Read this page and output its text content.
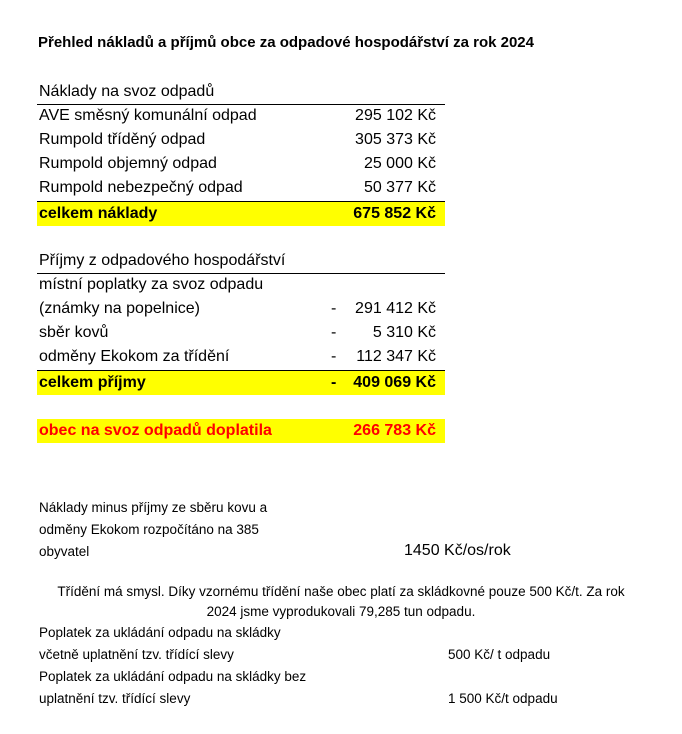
Přehled nákladů a příjmů obce za odpadové hospodářství za rok 2024
Náklady na svoz odpadů
AVE směsný komunální odpad	295 102 Kč
Rumpold tříděný odpad	305 373 Kč
Rumpold objemný odpad	25 000 Kč
Rumpold nebezpečný odpad	50 377 Kč
celkem náklady	675 852 Kč
Příjmy z odpadového hospodářství
místní poplatky za svoz odpadu
(známky na popelnice)	- 291 412 Kč
sběr kovů	- 5 310 Kč
odměny Ekokom za třídění	- 112 347 Kč
celkem příjmy	- 409 069 Kč
obec na svoz odpadů doplatila	266 783 Kč
Náklady minus příjmy ze sběru kovu a
odměny Ekokom rozpočítáno na 385
obyvatel	1450 Kč/os/rok
Třídění má smysl. Díky vzornému třídění naše obec platí za skládkovné pouze 500 Kč/t. Za rok
2024 jsme vyprodukovali 79,285 tun odpadu.
Poplatek za ukládání odpadu na skládky
včetně uplatnění tzv. třídící slevy	500 Kč/ t odpadu
Poplatek za ukládání odpadu na skládky bez
uplatnění tzv. třídící slevy	1 500 Kč/t odpadu
